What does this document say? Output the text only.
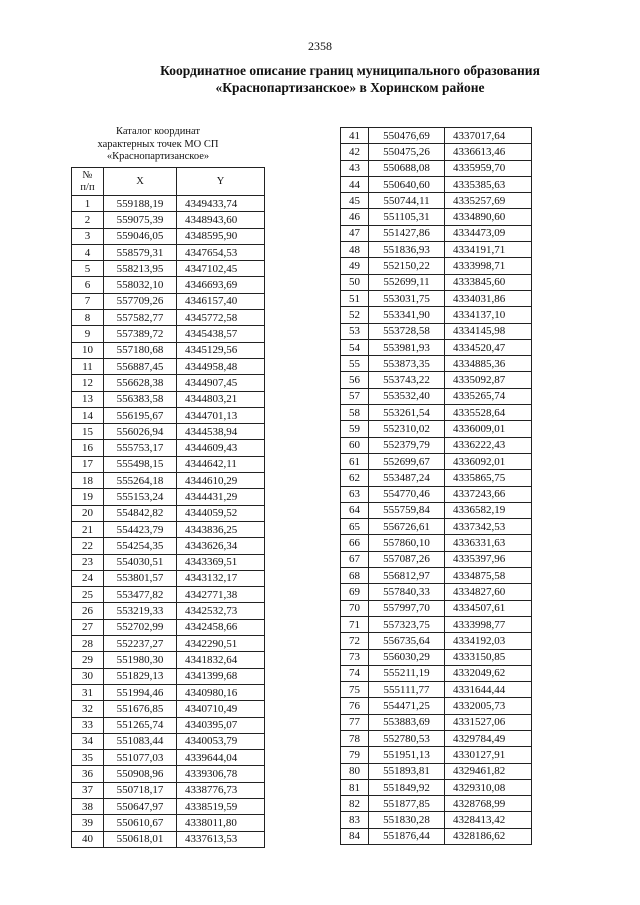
2358
Координатное описание границ муниципального образования
«Краснопартизанское» в Хоринском районе
Каталог координат
характерных точек МО СП
«Краснопартизанское»
№
п/п	X	Y
1	559188,19	4349433,74
2	559075,39	4348943,60
3	559046,05	4348595,90
4	558579,31	4347654,53
5	558213,95	4347102,45
6	558032,10	4346693,69
7	557709,26	4346157,40
8	557582,77	4345772,58
9	557389,72	4345438,57
10	557180,68	4345129,56
11	556887,45	4344958,48
12	556628,38	4344907,45
13	556383,58	4344803,21
14	556195,67	4344701,13
15	556026,94	4344538,94
16	555753,17	4344609,43
17	555498,15	4344642,11
18	555264,18	4344610,29
19	555153,24	4344431,29
20	554842,82	4344059,52
21	554423,79	4343836,25
22	554254,35	4343626,34
23	554030,51	4343369,51
24	553801,57	4343132,17
25	553477,82	4342771,38
26	553219,33	4342532,73
27	552702,99	4342458,66
28	552237,27	4342290,51
29	551980,30	4341832,64
30	551829,13	4341399,68
31	551994,46	4340980,16
32	551676,85	4340710,49
33	551265,74	4340395,07
34	551083,44	4340053,79
35	551077,03	4339644,04
36	550908,96	4339306,78
37	550718,17	4338776,73
38	550647,97	4338519,59
39	550610,67	4338011,80
40	550618,01	4337613,53
41	550476,69	4337017,64
42	550475,26	4336613,46
43	550688,08	4335959,70
44	550640,60	4335385,63
45	550744,11	4335257,69
46	551105,31	4334890,60
47	551427,86	4334473,09
48	551836,93	4334191,71
49	552150,22	4333998,71
50	552699,11	4333845,60
51	553031,75	4334031,86
52	553341,90	4334137,10
53	553728,58	4334145,98
54	553981,93	4334520,47
55	553873,35	4334885,36
56	553743,22	4335092,87
57	553532,40	4335265,74
58	553261,54	4335528,64
59	552310,02	4336009,01
60	552379,79	4336222,43
61	552699,67	4336092,01
62	553487,24	4335865,75
63	554770,46	4337243,66
64	555759,84	4336582,19
65	556726,61	4337342,53
66	557860,10	4336331,63
67	557087,26	4335397,96
68	556812,97	4334875,58
69	557840,33	4334827,60
70	557997,70	4334507,61
71	557323,75	4333998,77
72	556735,64	4334192,03
73	556030,29	4333150,85
74	555211,19	4332049,62
75	555111,77	4331644,44
76	554471,25	4332005,73
77	553883,69	4331527,06
78	552780,53	4329784,49
79	551951,13	4330127,91
80	551893,81	4329461,82
81	551849,92	4329310,08
82	551877,85	4328768,99
83	551830,28	4328413,42
84	551876,44	4328186,62
